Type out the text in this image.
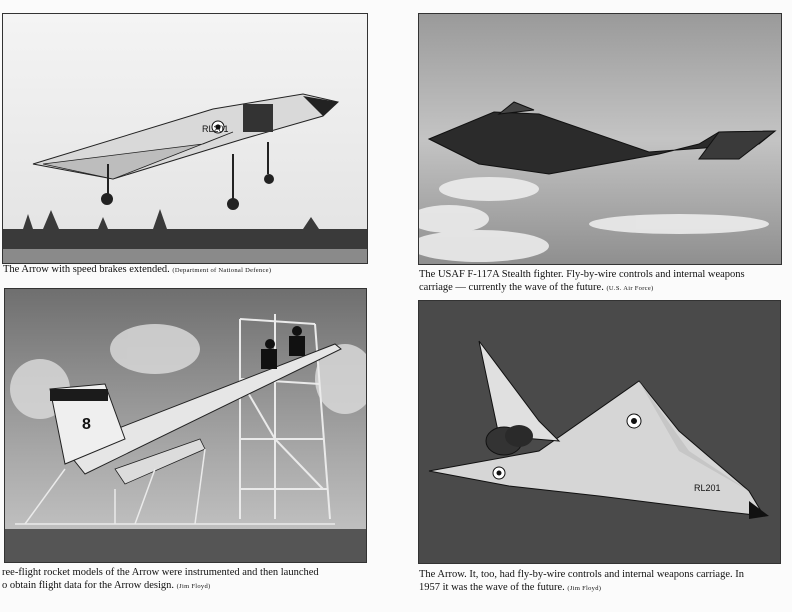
RL201
The Arrow with speed brakes extended. (Department of National Defence)	The USAF F-117A Stealth fighter. Fly-by-wire controls and internal weapons
carriage — currently the wave of the future. (U.S. Air Force)
8
ree-flight rocket models of the Arrow were instrumented and then launched
o obtain flight data for the Arrow design. (Jim Floyd)
RL201
The Arrow. It, too, had fly-by-wire controls and internal weapons carriage. In
1957 it was the wave of the future. (Jim Floyd)
